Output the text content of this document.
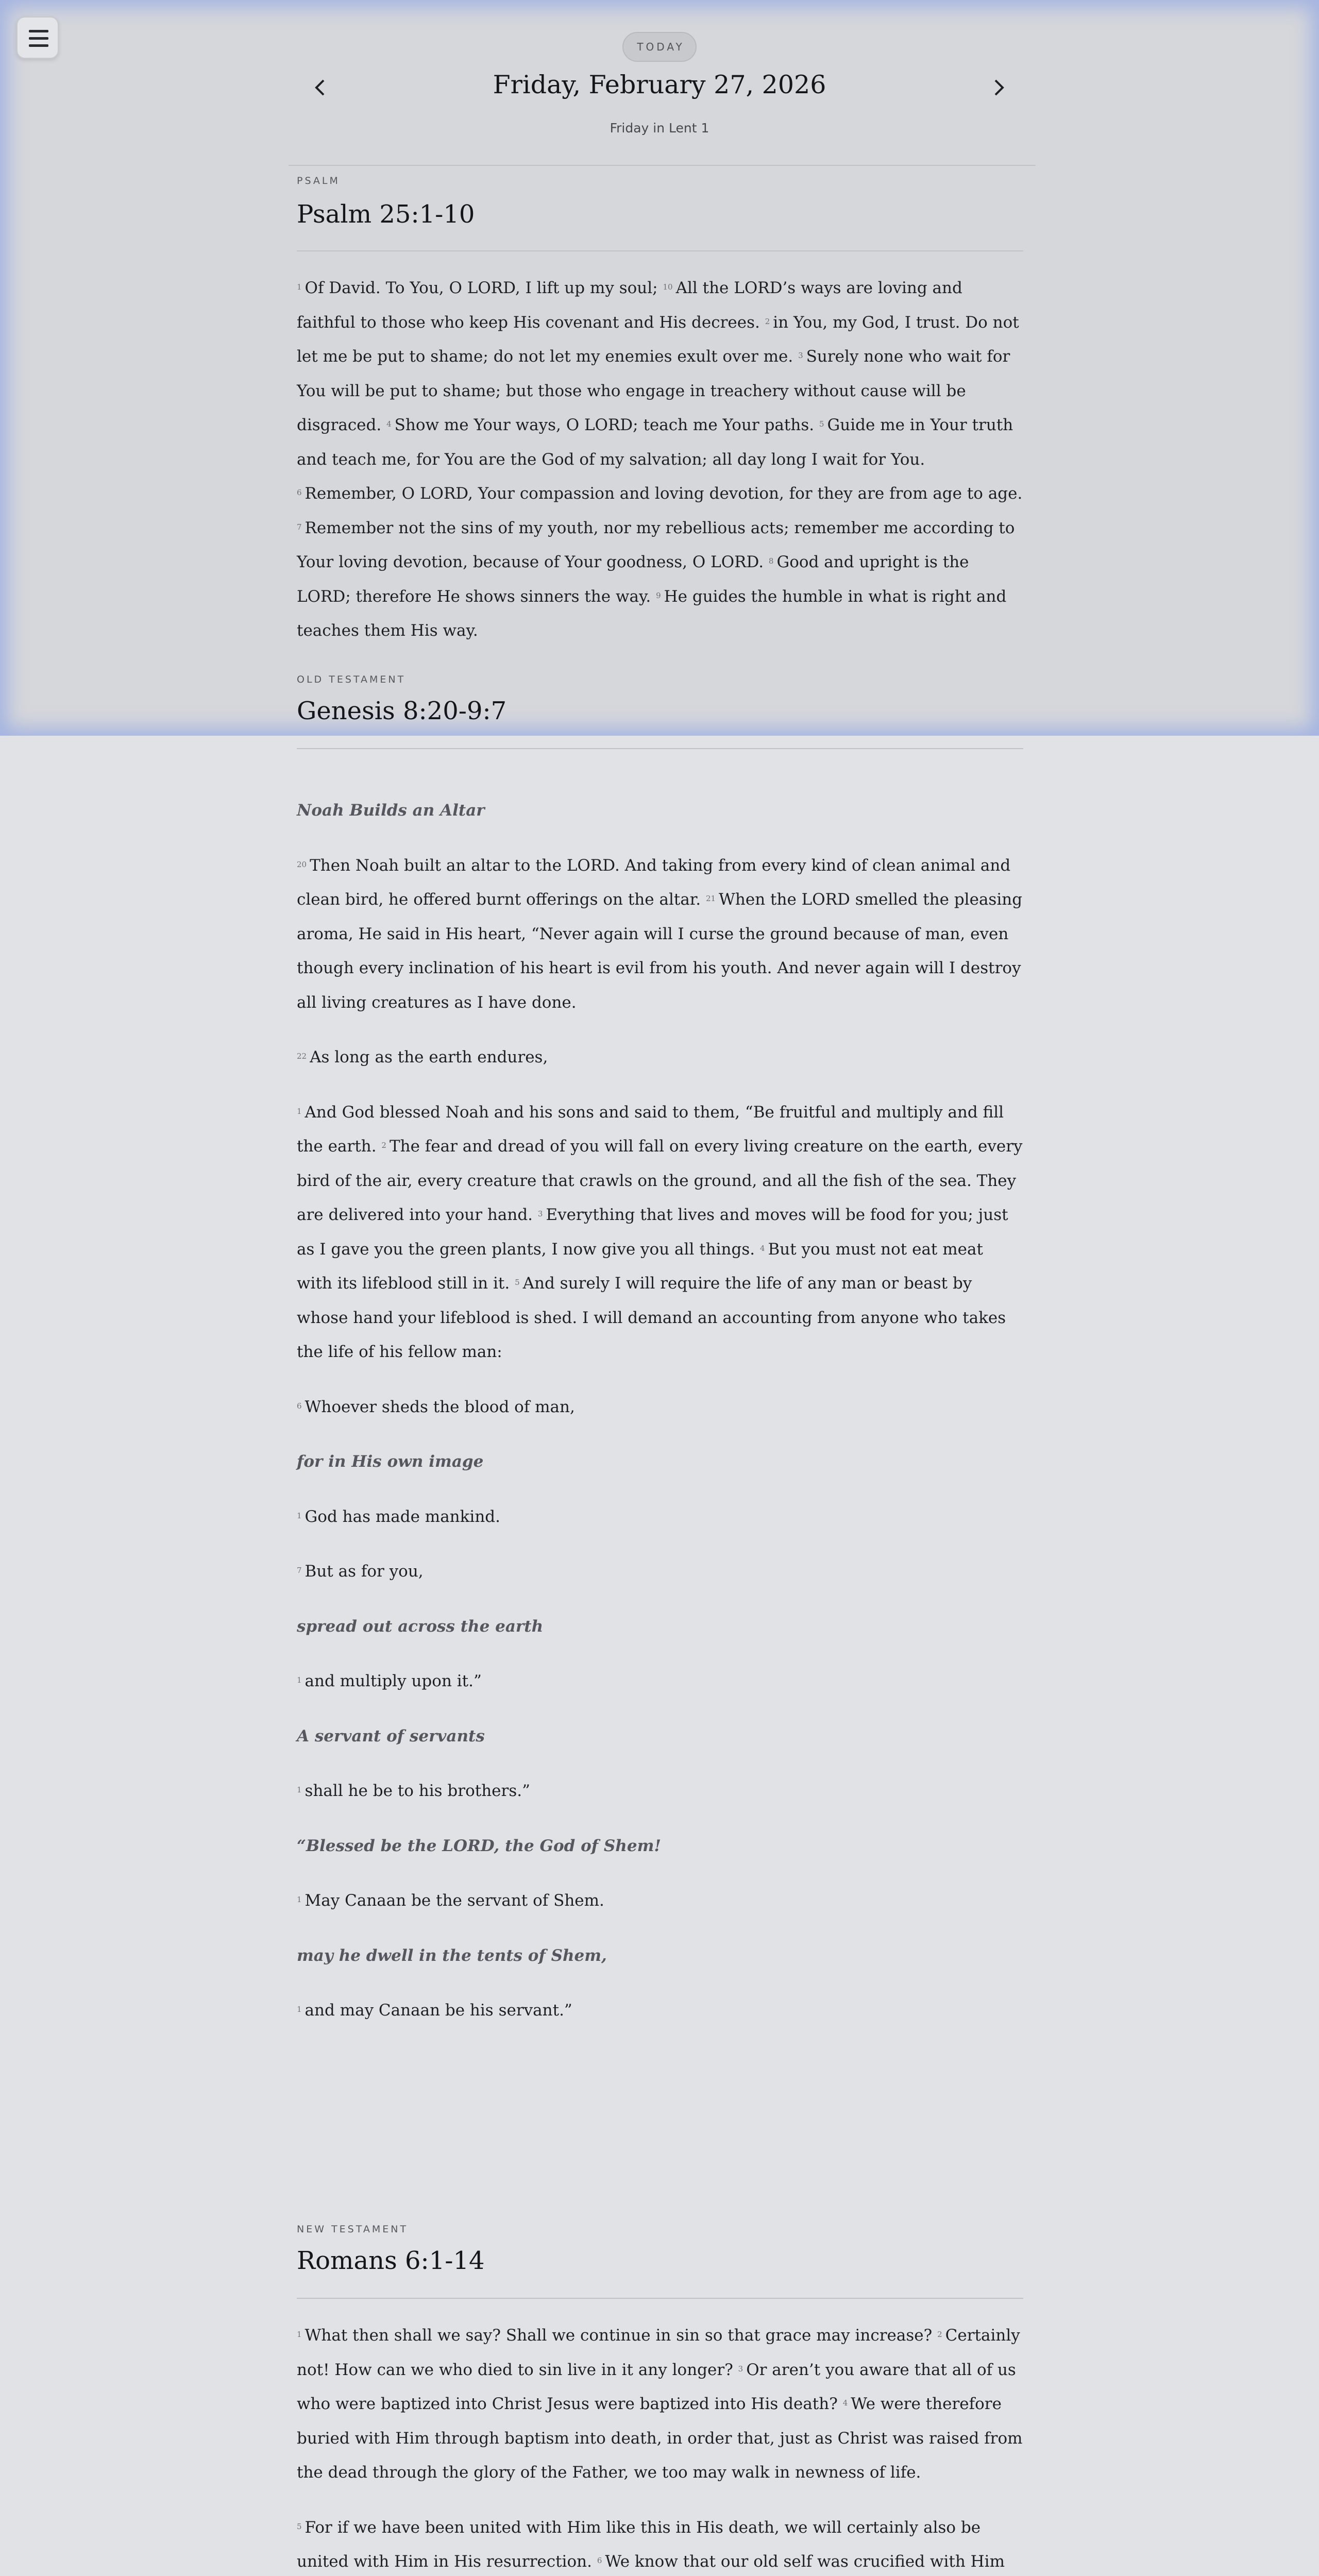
TODAY
Friday, February 27, 2026
Friday in Lent 1
PSALM
Psalm 25:1-10

$^1$ Of David. To You, O LORD, I lift up my soul; $^{10}$ All the LORD’s ways are loving and faithful to those who keep His covenant and His decrees. $^2$ in You, my God, I trust. Do not let me be put to shame; do not let my enemies exult over me. $^3$ Surely none who wait for You will be put to shame; but those who engage in treachery without cause will be disgraced. $^4$ Show me Your ways, O LORD; teach me Your paths. $^5$ Guide me in Your truth and teach me, for You are the God of my salvation; all day long I wait for You. $^6$ Remember, O LORD, Your compassion and loving devotion, for they are from age to age. $^7$ Remember not the sins of my youth, nor my rebellious acts; remember me according to Your loving devotion, because of Your goodness, O LORD. $^8$ Good and upright is the LORD; therefore He shows sinners the way. $^9$ He guides the humble in what is right and teaches them His way.

OLD TESTAMENT
Genesis 8:20-9:7

Noah Builds an Altar

$^{20}$ Then Noah built an altar to the LORD. And taking from every kind of clean animal and clean bird, he offered burnt offerings on the altar. $^{21}$ When the LORD smelled the pleasing aroma, He said in His heart, “Never again will I curse the ground because of man, even though every inclination of his heart is evil from his youth. And never again will I destroy all living creatures as I have done.

$^{22}$ As long as the earth endures,

$^1$ And God blessed Noah and his sons and said to them, “Be fruitful and multiply and fill the earth. $^2$ The fear and dread of you will fall on every living creature on the earth, every bird of the air, every creature that crawls on the ground, and all the fish of the sea. They are delivered into your hand. $^3$ Everything that lives and moves will be food for you; just as I gave you the green plants, I now give you all things. $^4$ But you must not eat meat with its lifeblood still in it. $^5$ And surely I will require the life of any man or beast by whose hand your lifeblood is shed. I will demand an accounting from anyone who takes the life of his fellow man:

$^6$ Whoever sheds the blood of man,

for in His own image

$^1$ God has made mankind.

$^7$ But as for you,

spread out across the earth

$^1$ and multiply upon it.”

A servant of servants

$^1$ shall he be to his brothers.”

“Blessed be the LORD, the God of Shem!

$^1$ May Canaan be the servant of Shem.

may he dwell in the tents of Shem,

$^1$ and may Canaan be his servant.”

NEW TESTAMENT
Romans 6:1-14

$^1$ What then shall we say? Shall we continue in sin so that grace may increase? $^2$ Certainly not! How can we who died to sin live in it any longer? $^3$ Or aren’t you aware that all of us who were baptized into Christ Jesus were baptized into His death? $^4$ We were therefore buried with Him through baptism into death, in order that, just as Christ was raised from the dead through the glory of the Father, we too may walk in newness of life.

$^5$ For if we have been united with Him like this in His death, we will certainly also be united with Him in His resurrection. $^6$ We know that our old self was crucified with Him
